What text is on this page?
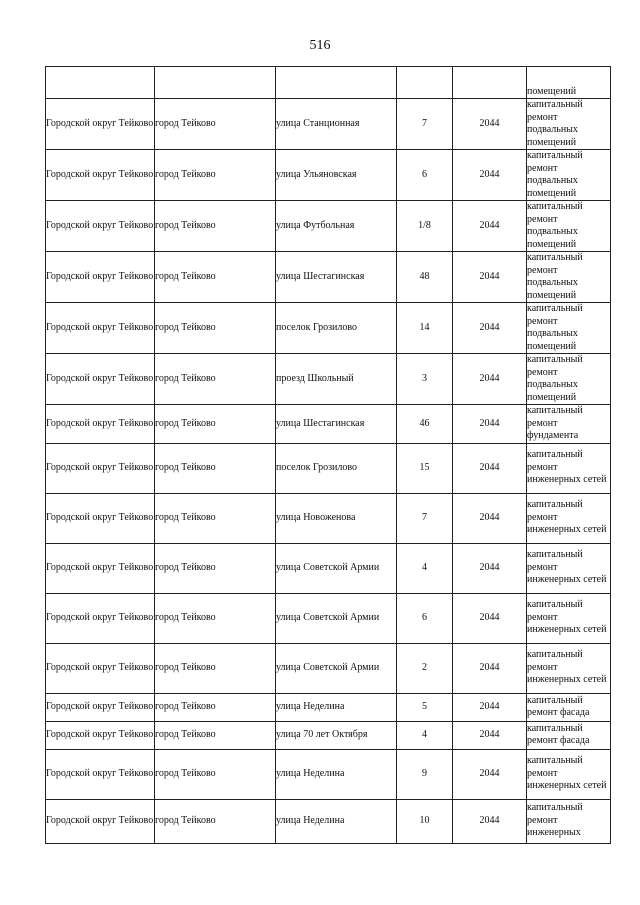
516
					помещений
Городской округ Тейково	город Тейково	улица Станционная	7	2044	капитальный ремонт подвальных помещений
Городской округ Тейково	город Тейково	улица Ульяновская	6	2044	капитальный ремонт подвальных помещений
Городской округ Тейково	город Тейково	улица Футбольная	1/8	2044	капитальный ремонт подвальных помещений
Городской округ Тейково	город Тейково	улица Шестагинская	48	2044	капитальный ремонт подвальных помещений
Городской округ Тейково	город Тейково	поселок Грозилово	14	2044	капитальный ремонт подвальных помещений
Городской округ Тейково	город Тейково	проезд Школьный	3	2044	капитальный ремонт подвальных помещений
Городской округ Тейково	город Тейково	улица Шестагинская	46	2044	капитальный ремонт фундамента
Городской округ Тейково	город Тейково	поселок Грозилово	15	2044	капитальный ремонт инженерных сетей
Городской округ Тейково	город Тейково	улица Новоженова	7	2044	капитальный ремонт инженерных сетей
Городской округ Тейково	город Тейково	улица Советской Армии	4	2044	капитальный ремонт инженерных сетей
Городской округ Тейково	город Тейково	улица Советской Армии	6	2044	капитальный ремонт инженерных сетей
Городской округ Тейково	город Тейково	улица Советской Армии	2	2044	капитальный ремонт инженерных сетей
Городской округ Тейково	город Тейково	улица Неделина	5	2044	капитальный ремонт фасада
Городской округ Тейково	город Тейково	улица 70 лет Октября	4	2044	капитальный ремонт фасада
Городской округ Тейково	город Тейково	улица Неделина	9	2044	капитальный ремонт инженерных сетей
Городской округ Тейково	город Тейково	улица Неделина	10	2044	капитальный ремонт инженерных
